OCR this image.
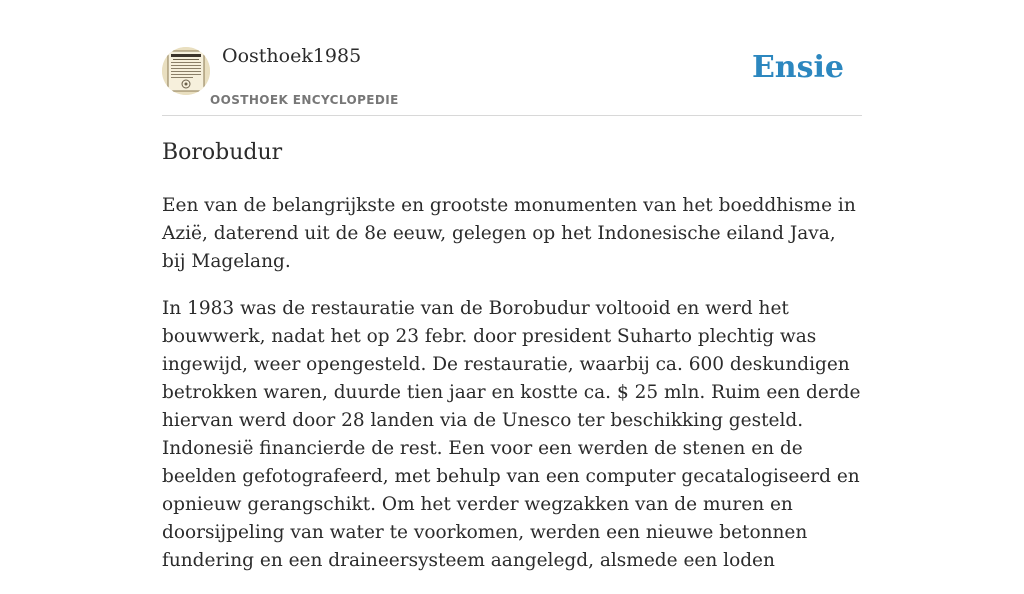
Oosthoek1985
OOSTHOEK ENCYCLOPEDIE
Ensie
Borobudur

Een van de belangrijkste en grootste monumenten van het boeddhisme in Azië, daterend uit de 8e eeuw, gelegen op het Indonesische eiland Java, bij Magelang.

In 1983 was de restauratie van de Borobudur voltooid en werd het bouwwerk, nadat het op 23 febr. door president Suharto plechtig was ingewijd, weer opengesteld. De restauratie, waarbij ca. 600 deskundigen betrokken waren, duurde tien jaar en kostte ca. $ 25 mln. Ruim een derde hiervan werd door 28 landen via de Unesco ter beschikking gesteld. Indonesië financierde de rest. Een voor een werden de stenen en de beelden gefotografeerd, met behulp van een computer gecatalogiseerd en opnieuw gerangschikt. Om het verder wegzakken van de muren en doorsijpeling van water te voorkomen, werden een nieuwe betonnen fundering en een draineersysteem aangelegd, alsmede een loden
